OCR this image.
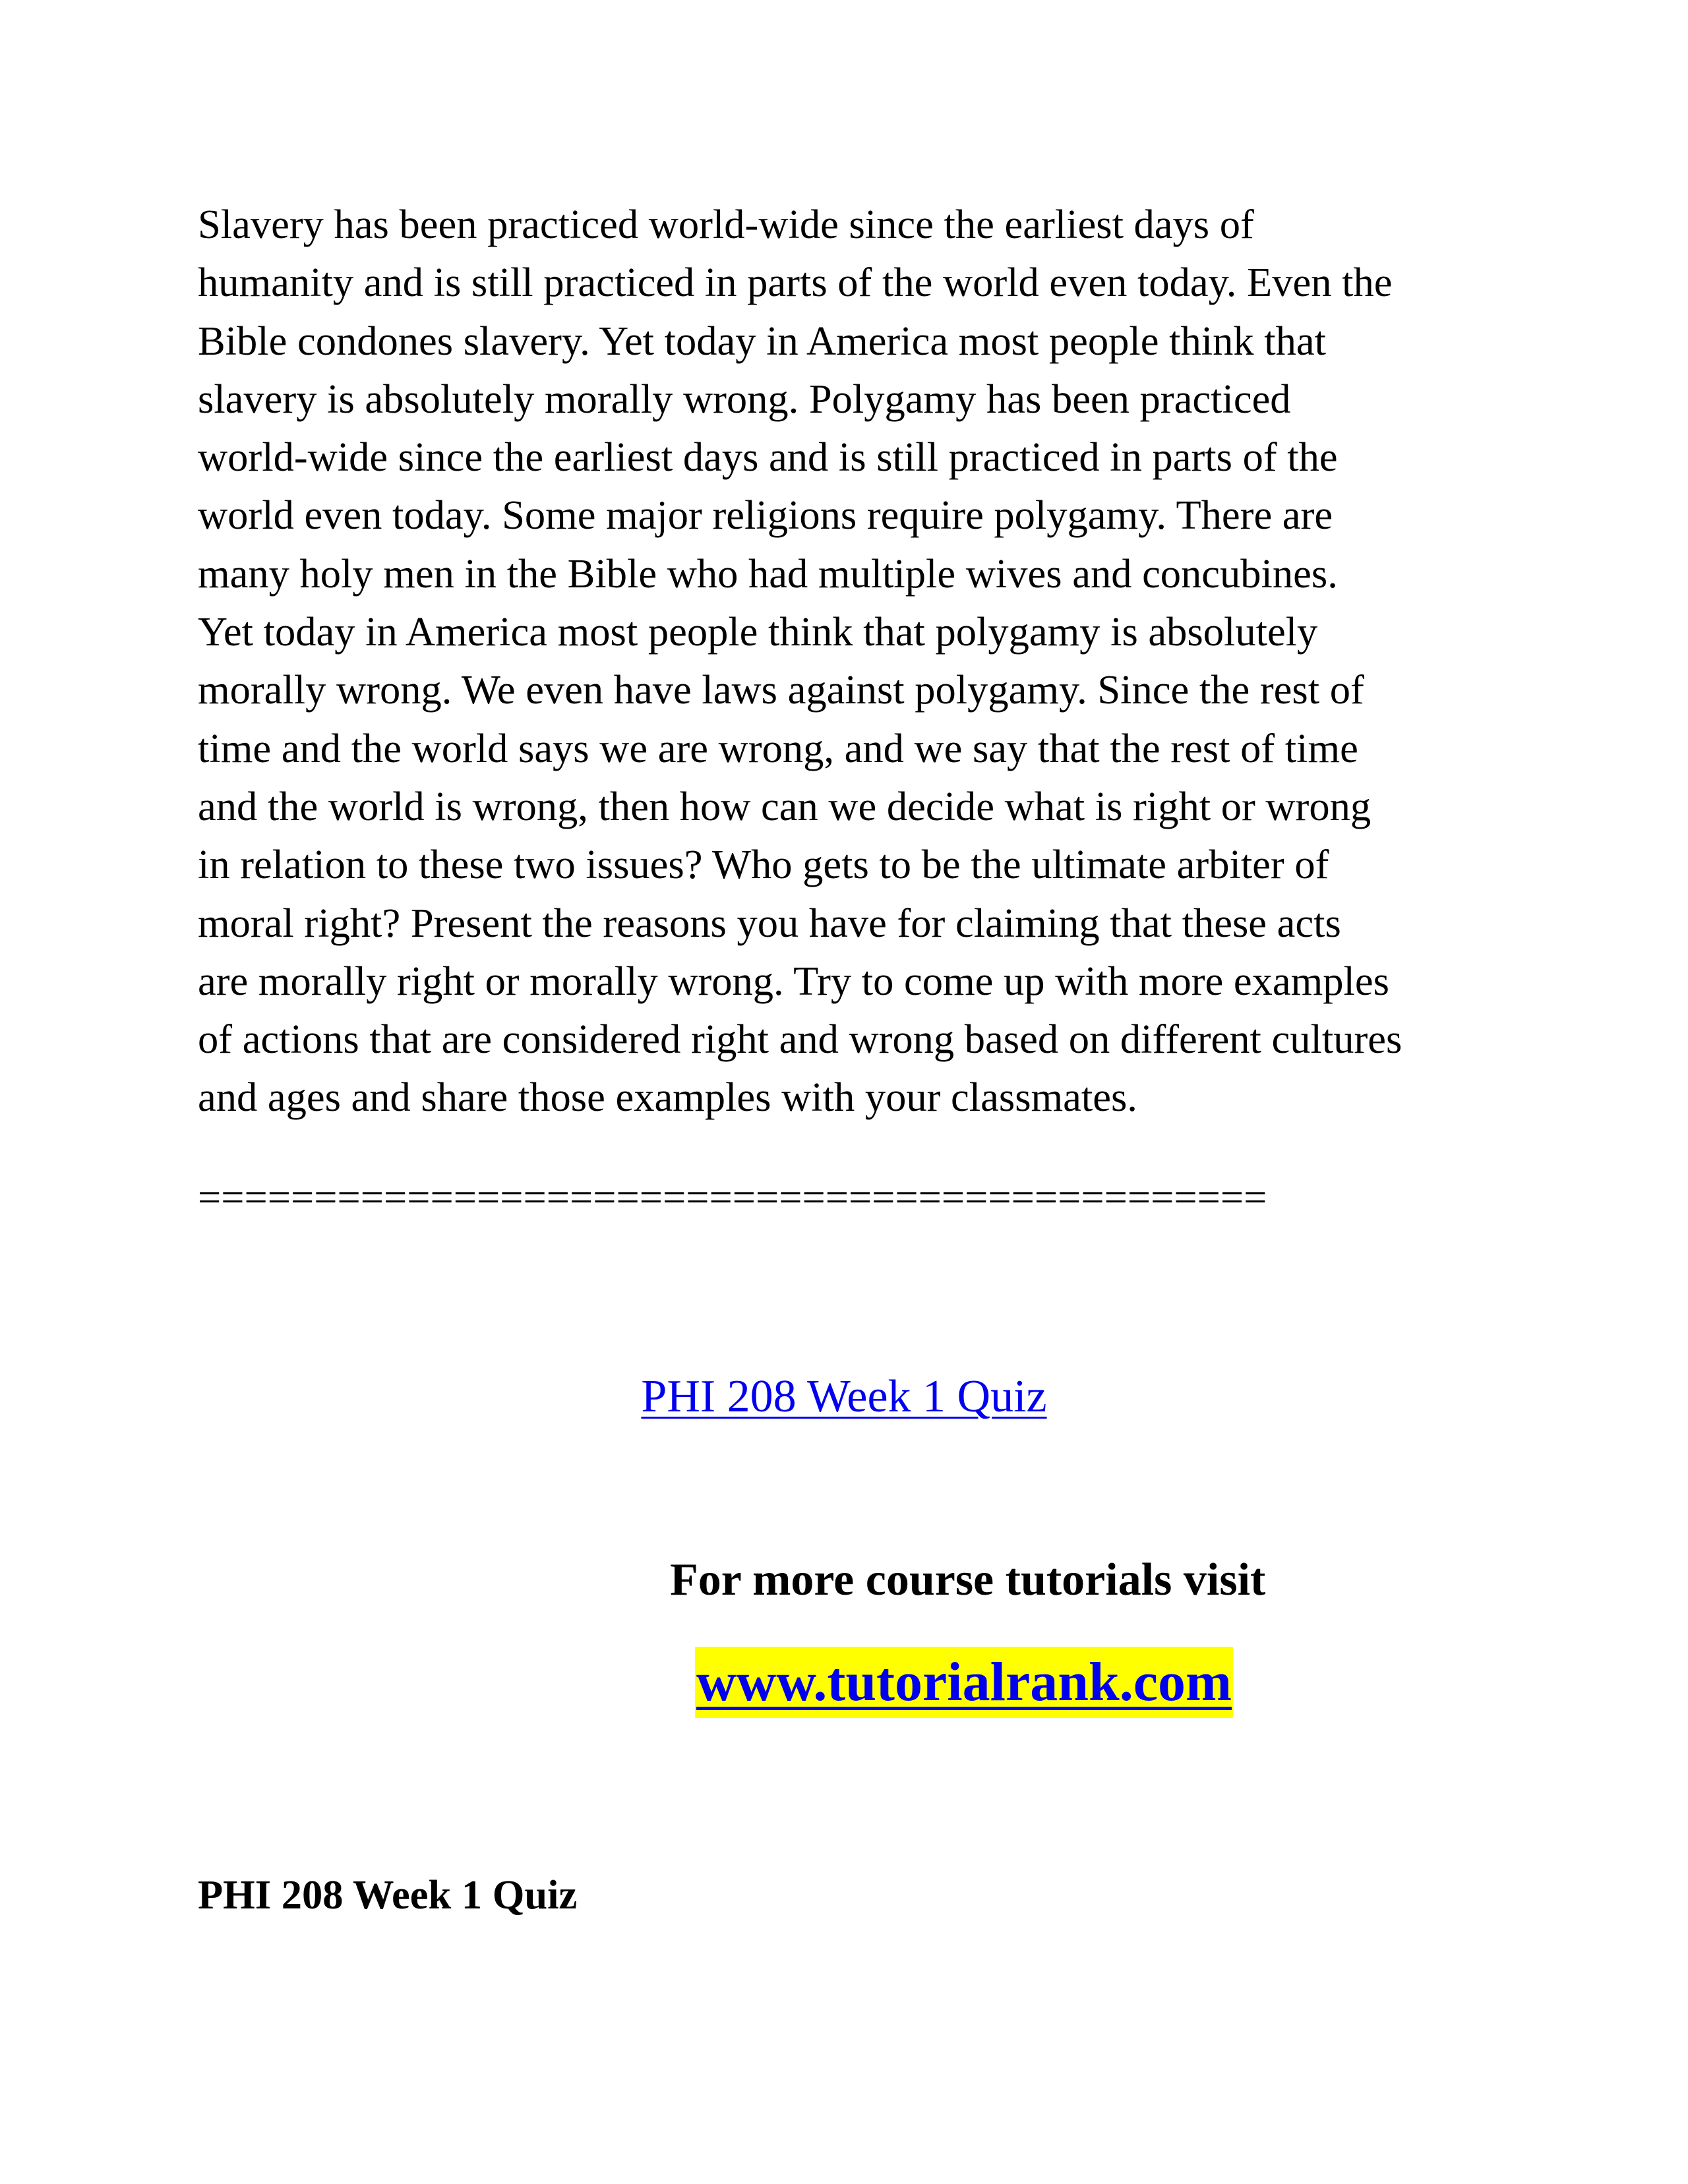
Slavery has been practiced world-wide since the earliest days of
humanity and is still practiced in parts of the world even today. Even the
Bible condones slavery. Yet today in America most people think that
slavery is absolutely morally wrong. Polygamy has been practiced
world-wide since the earliest days and is still practiced in parts of the
world even today. Some major religions require polygamy. There are
many holy men in the Bible who had multiple wives and concubines.
Yet today in America most people think that polygamy is absolutely
morally wrong. We even have laws against polygamy. Since the rest of
time and the world says we are wrong, and we say that the rest of time
and the world is wrong, then how can we decide what is right or wrong
in relation to these two issues? Who gets to be the ultimate arbiter of
moral right? Present the reasons you have for claiming that these acts
are morally right or morally wrong. Try to come up with more examples
of actions that are considered right and wrong based on different cultures
and ages and share those examples with your classmates.

==============================================

PHI 208 Week 1 Quiz

For more course tutorials visit

www.tutorialrank.com

PHI 208 Week 1 Quiz
